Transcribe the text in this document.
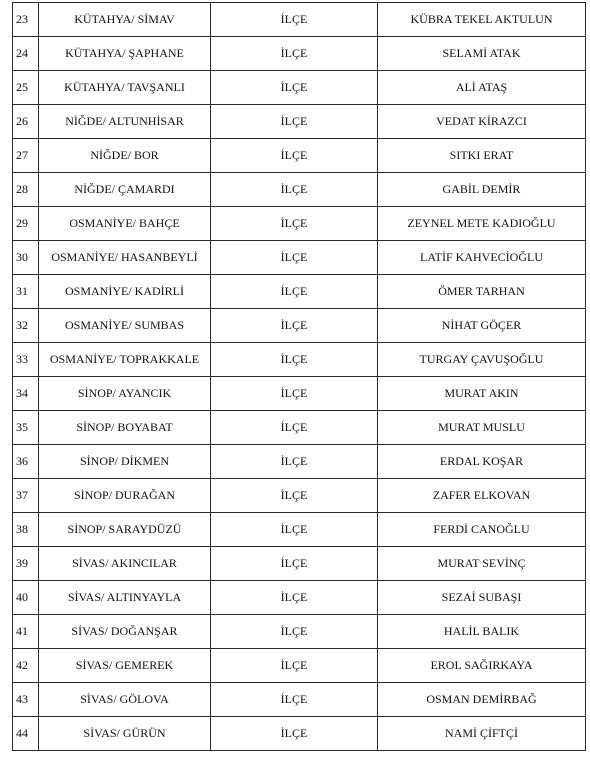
23	KÜTAHYA/ SİMAV	İLÇE	KÜBRA TEKEL AKTULUN
24	KÜTAHYA/ ŞAPHANE	İLÇE	SELAMİ ATAK
25	KÜTAHYA/ TAVŞANLI	İLÇE	ALİ ATAŞ
26	NİĞDE/ ALTUNHİSAR	İLÇE	VEDAT KİRAZCI
27	NİĞDE/ BOR	İLÇE	SITKI ERAT
28	NİĞDE/ ÇAMARDI	İLÇE	GABİL DEMİR
29	OSMANİYE/ BAHÇE	İLÇE	ZEYNEL METE KADIOĞLU
30	OSMANİYE/ HASANBEYLİ	İLÇE	LATİF KAHVECİOĞLU
31	OSMANİYE/ KADİRLİ	İLÇE	ÖMER TARHAN
32	OSMANİYE/ SUMBAS	İLÇE	NİHAT GÖÇER
33	OSMANİYE/ TOPRAKKALE	İLÇE	TURGAY ÇAVUŞOĞLU
34	SİNOP/ AYANCIK	İLÇE	MURAT AKIN
35	SİNOP/ BOYABAT	İLÇE	MURAT MUSLU
36	SİNOP/ DİKMEN	İLÇE	ERDAL KOŞAR
37	SİNOP/ DURAĞAN	İLÇE	ZAFER ELKOVAN
38	SİNOP/ SARAYDÜZÜ	İLÇE	FERDİ CANOĞLU
39	SİVAS/ AKINCILAR	İLÇE	MURAT SEVİNÇ
40	SİVAS/ ALTINYAYLA	İLÇE	SEZAİ SUBAŞI
41	SİVAS/ DOĞANŞAR	İLÇE	HALİL BALIK
42	SİVAS/ GEMEREK	İLÇE	EROL SAĞIRKAYA
43	SİVAS/ GÖLOVA	İLÇE	OSMAN DEMİRBAĞ
44	SİVAS/ GÜRÜN	İLÇE	NAMİ ÇİFTÇİ
